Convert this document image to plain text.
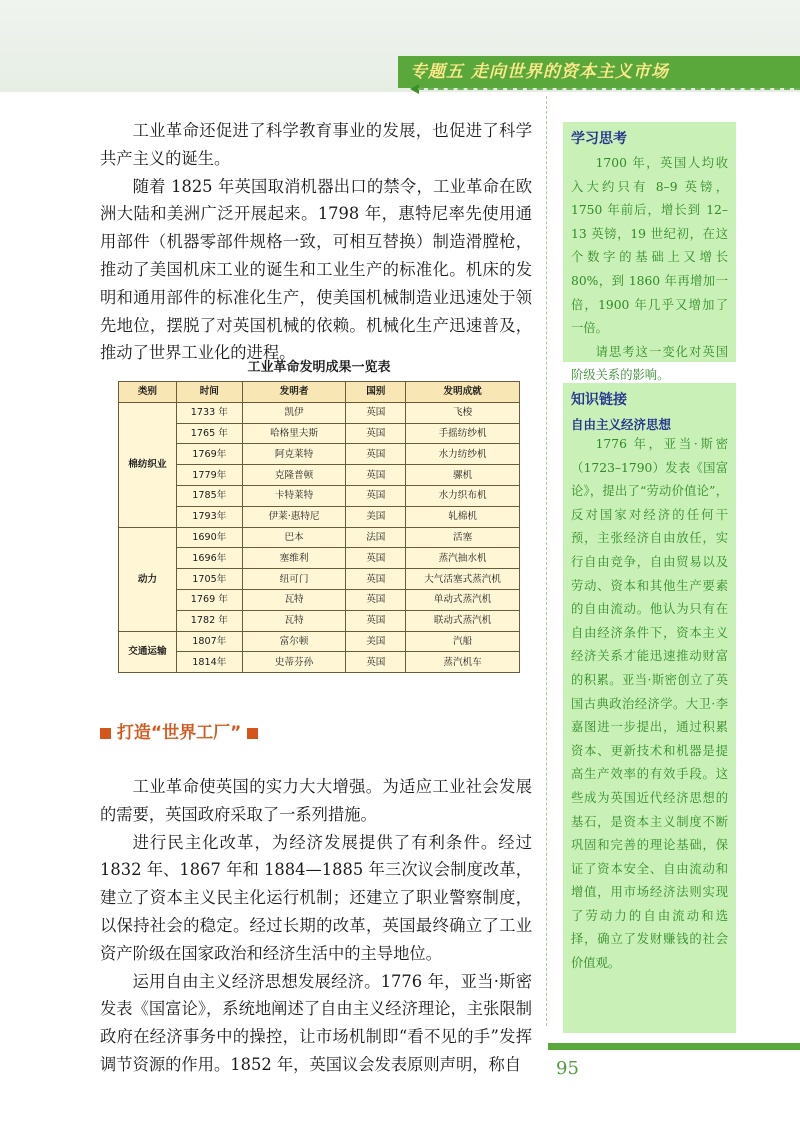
专题五 走向世界的资本主义市场

工业革命还促进了科学教育事业的发展，也促进了科学共产主义的诞生。

随着 1825 年英国取消机器出口的禁令，工业革命在欧洲大陆和美洲广泛开展起来。1798 年，惠特尼率先使用通用部件（机器零部件规格一致，可相互替换）制造滑膛枪，推动了美国机床工业的诞生和工业生产的标准化。机床的发明和通用部件的标准化生产，使美国机械制造业迅速处于领先地位，摆脱了对英国机械的依赖。机械化生产迅速普及，推动了世界工业化的进程。

工业革命发明成果一览表
类别	时间	发明者	国别	发明成就
棉纺织业	1733 年	凯伊	英国	飞梭
	1765 年	哈格里夫斯	英国	手摇纺纱机
	1769年	阿克莱特	英国	水力纺纱机
	1779年	克隆普顿	英国	骡机
	1785年	卡特莱特	英国	水力织布机
	1793年	伊莱·惠特尼	美国	轧棉机
动力	1690年	巴本	法国	活塞
	1696年	塞维利	英国	蒸汽抽水机
	1705年	纽可门	英国	大气活塞式蒸汽机
	1769 年	瓦特	英国	单动式蒸汽机
	1782 年	瓦特	英国	联动式蒸汽机
交通运输	1807年	富尔顿	美国	汽船
	1814年	史蒂芬孙	英国	蒸汽机车
打造“世界工厂”

工业革命使英国的实力大大增强。为适应工业社会发展的需要，英国政府采取了一系列措施。

进行民主化改革，为经济发展提供了有利条件。经过 1832 年、1867 年和 1884—1885 年三次议会制度改革，建立了资本主义民主化运行机制；还建立了职业警察制度，以保持社会的稳定。经过长期的改革，英国最终确立了工业资产阶级在国家政治和经济生活中的主导地位。

运用自由主义经济思想发展经济。1776 年，亚当·斯密发表《国富论》，系统地阐述了自由主义经济理论，主张限制政府在经济事务中的操控，让市场机制即“看不见的手”发挥调节资源的作用。1852 年，英国议会发表原则声明，称自

学习思考

1700 年，英国人均收入大约只有 8–9 英镑，1750 年前后，增长到 12–13 英镑，19 世纪初，在这个数字的基础上又增长 80%，到 1860 年再增加一倍，1900 年几乎又增加了一倍。

请思考这一变化对英国阶级关系的影响。

知识链接
自由主义经济思想

1776 年，亚当·斯密（1723–1790）发表《国富论》，提出了“劳动价值论”，反对国家对经济的任何干预，主张经济自由放任，实行自由竞争，自由贸易以及劳动、资本和其他生产要素的自由流动。他认为只有在自由经济条件下，资本主义经济关系才能迅速推动财富的积累。亚当·斯密创立了英国古典政治经济学。大卫·李嘉图进一步提出，通过积累资本、更新技术和机器是提高生产效率的有效手段。这些成为英国近代经济思想的基石，是资本主义制度不断巩固和完善的理论基础，保证了资本安全、自由流动和增值，用市场经济法则实现了劳动力的自由流动和选择，确立了发财赚钱的社会价值观。

95
